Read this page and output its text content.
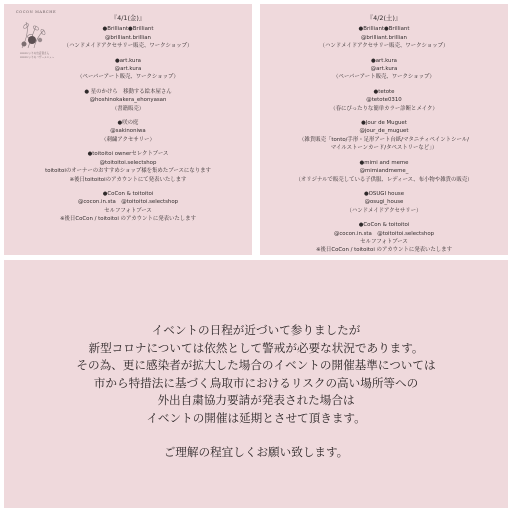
COCON MARCHE
cocon いりの出店者さん
cocon いりのバザーメニュー
『4/1(金)』
●Brilliant●Brilliant
@brilliant.brillian
（ハンドメイドアクセサリー販売、ワークショップ）
●art.kura
@art.kura
（ペーパーアート販売、ワークショップ）
● 星のかけら　移動する絵本屋さん
@hoshinokakera_ehonyasan
（書籍販売）
●咲の庭
@sakinoniwa
（刺繍アクセサリー）
●toitoitoi ownerセレクトブース
@toitoitoi.selectshop
toitoitoiのオーナーのおすすめショップ様を集めたブースになります
※後日toitoitoiのアカウントにて発表いたします
●CoCon & toitoitoi
@cocon.in.sta　@toitoitoi.selectshop
セルフフォトブース
※後日CoCon / toitoitoi のアカウントに発表いたします
『4/2(土)』
●Brilliant●Brilliant
@brilliant.brillian
（ハンドメイドアクセサリー販売、ワークショップ）
●art.kura
@art.kura
（ペーパーアート販売、ワークショップ）
●tetote
@tetote0310
（春にぴったりな簡単カラー診断とメイク）
●Jour de Muguet
@jour_de_muguet
（雑貨販売「tonto/手形・足形アート台紙/マタニティペイントシール/
マイルストーンカード/タペストリーなど」）
●mimi and meme
@mimiandmeme_
（オリジナルで販売している子供服、レディース、布小物や雑貨の販売）
●OSUGI house
@osugi_house
（ハンドメイドアクセサリー）
●CoCon & toitoitoi
@cocon.in.sta　@toitoitoi.selectshop
セルフフォトブース
※後日CoCon / toitoitoi のアカウントに発表いたします
イベントの日程が近づいて参りましたが
新型コロナについては依然として警戒が必要な状況であります。
その為、更に感染者が拡大した場合のイベントの開催基準については
市から特措法に基づく鳥取市におけるリスクの高い場所等への
外出自粛協力要請が発表された場合は
イベントの開催は延期とさせて頂きます。
ご理解の程宜しくお願い致します。
